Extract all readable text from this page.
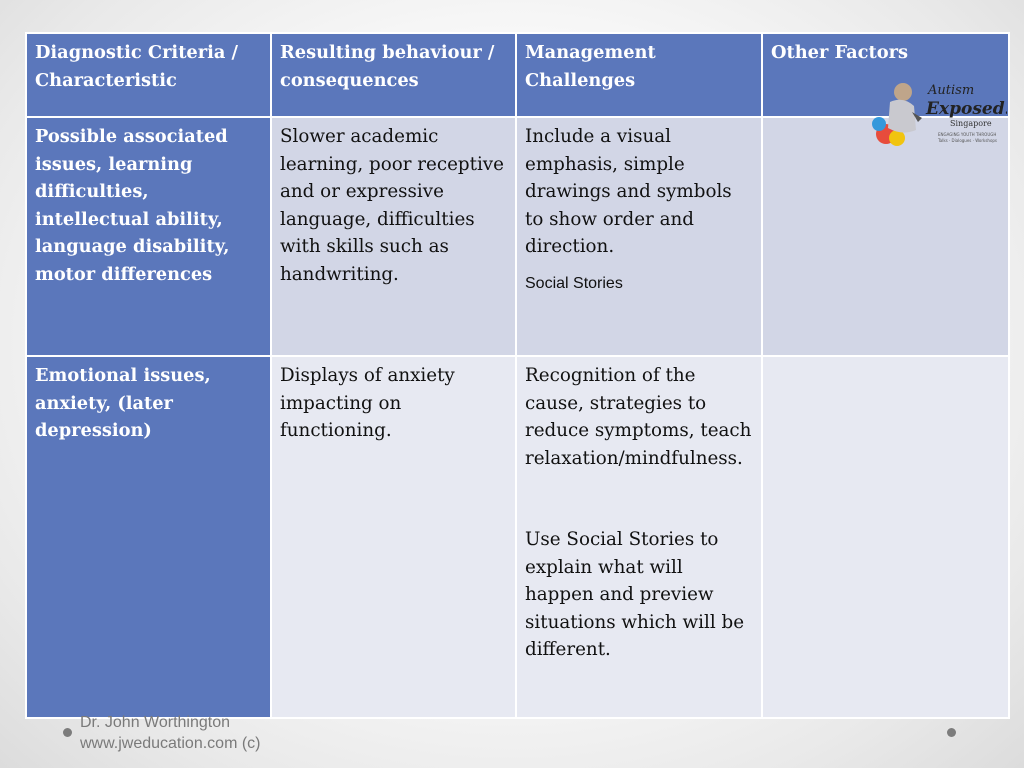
Diagnostic Criteria / Characteristic	Resulting behaviour / consequences	Management Challenges	Other Factors
Possible associated issues, learning difficulties, intellectual ability, language disability, motor differences	Slower academic learning, poor receptive and or expressive language, difficulties with skills such as handwriting.	Include a visual emphasis, simple drawings and symbols to show order and direction.
Social Stories	

Emotional issues, anxiety, (later depression)	Displays of anxiety impacting on functioning.	Recognition of the cause, strategies to reduce symptoms, teach relaxation/mindfulness.
Use Social Stories to explain what will happen and preview situations which will be different.	

Autism
Exposed!
Singapore
ENGAGING YOUTH THROUGH
Talks · Dialogues · Workshops
Dr. John Worthington
www.jweducation.com (c)
